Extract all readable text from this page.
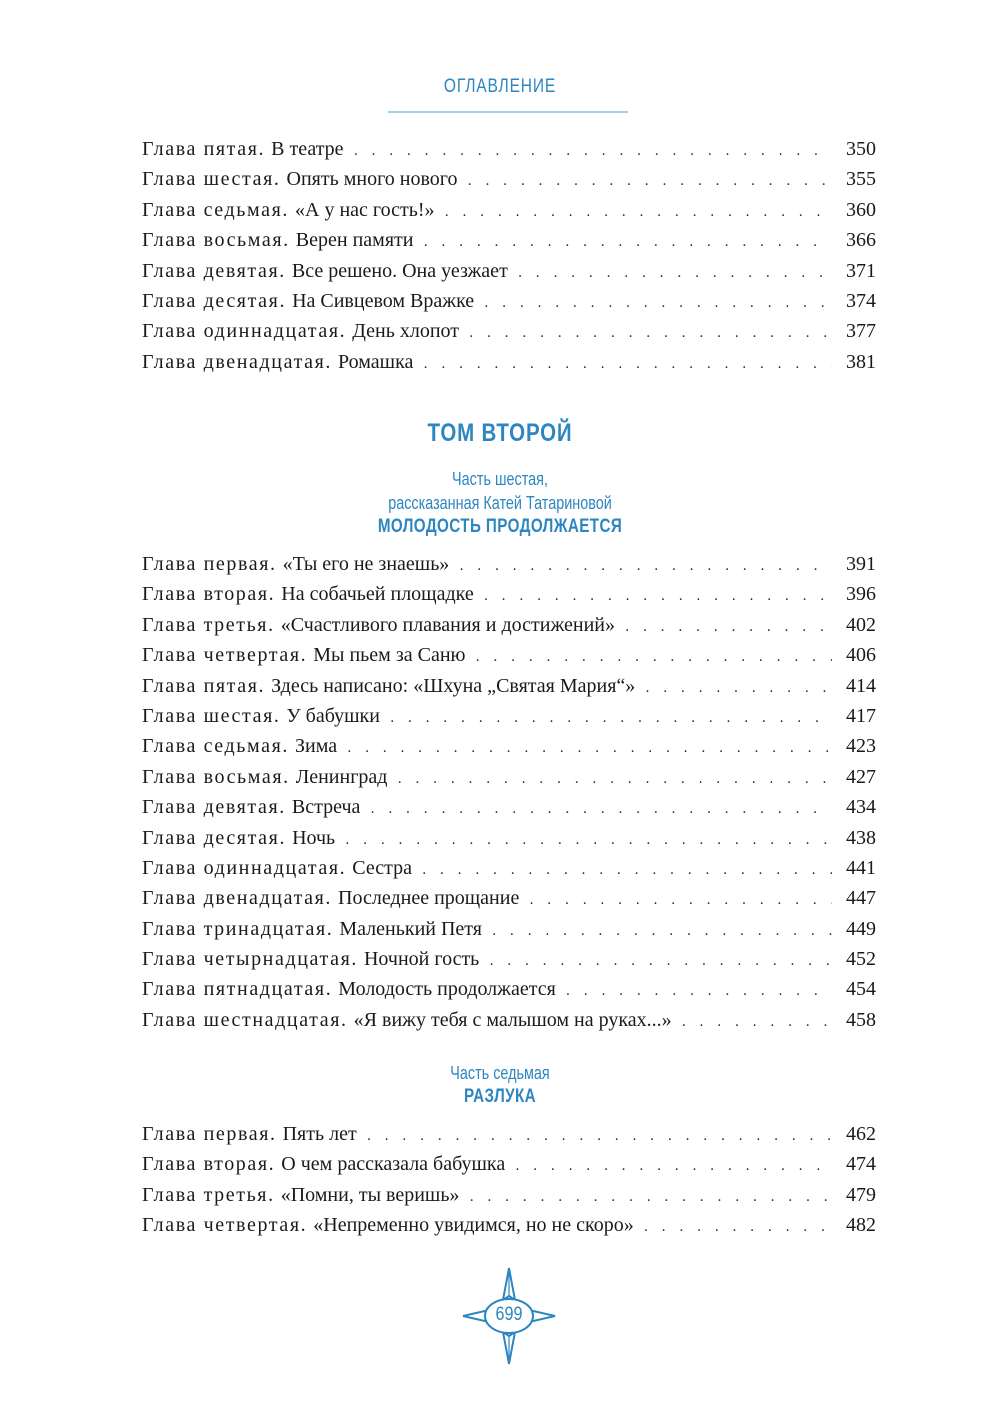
ОГЛАВЛЕНИЕ
Глава пятая. В театре . . .	350
Глава шестая. Опять много нового . . .	355
Глава седьмая. «А у нас гость!» . . .	360
Глава восьмая. Верен памяти . . .	366
Глава девятая. Все решено. Она уезжает . . .	371
Глава десятая. На Сивцевом Вражке . . .	374
Глава одиннадцатая. День хлопот . . .	377
Глава двенадцатая. Ромашка . . .	381
ТОМ ВТОРОЙ
Часть шестая,
рассказанная Катей Татариновой
МОЛОДОСТЬ ПРОДОЛЖАЕТСЯ
Глава первая. «Ты его не знаешь» . . .	391
Глава вторая. На собачьей площадке . . .	396
Глава третья. «Счастливого плавания и достижений» . . .	402
Глава четвертая. Мы пьем за Саню . . .	406
Глава пятая. Здесь написано: «Шхуна „Святая Мария“» . . .	414
Глава шестая. У бабушки . . .	417
Глава седьмая. Зима . . .	423
Глава восьмая. Ленинград . . .	427
Глава девятая. Встреча . . .	434
Глава десятая. Ночь . . .	438
Глава одиннадцатая. Сестра . . .	441
Глава двенадцатая. Последнее прощание . . .	447
Глава тринадцатая. Маленький Петя . . .	449
Глава четырнадцатая. Ночной гость . . .	452
Глава пятнадцатая. Молодость продолжается . . .	454
Глава шестнадцатая. «Я вижу тебя с малышом на руках...» . . .	458
Часть седьмая
РАЗЛУКА
Глава первая. Пять лет . . .	462
Глава вторая. О чем рассказала бабушка . . .	474
Глава третья. «Помни, ты веришь» . . .	479
Глава четвертая. «Непременно увидимся, но не скоро» . . .	482
699
